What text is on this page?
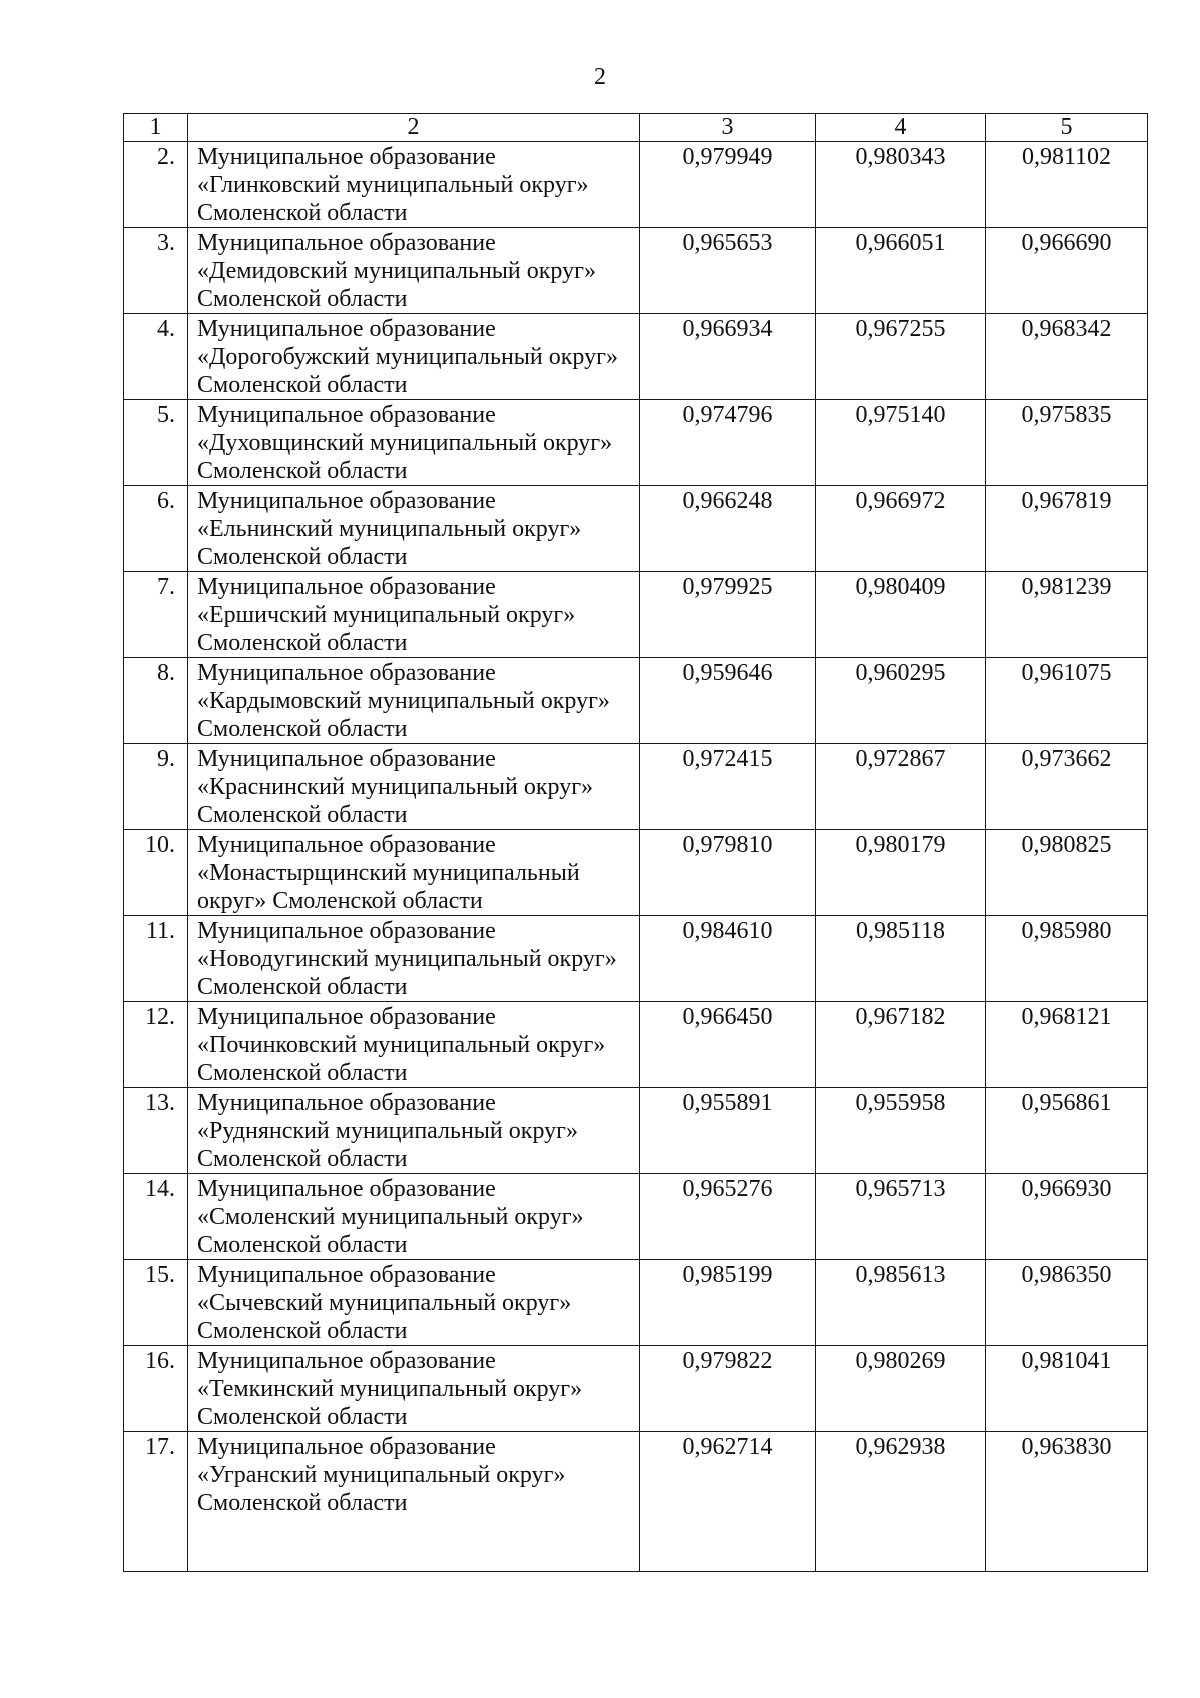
2
1	2	3	4	5
2.	Муниципальное образование
«Глинковский муниципальный округ»
Смоленской области	0,979949	0,980343	0,981102
3.	Муниципальное образование
«Демидовский муниципальный округ»
Смоленской области	0,965653	0,966051	0,966690
4.	Муниципальное образование
«Дорогобужский муниципальный округ»
Смоленской области	0,966934	0,967255	0,968342
5.	Муниципальное образование
«Духовщинский муниципальный округ»
Смоленской области	0,974796	0,975140	0,975835
6.	Муниципальное образование
«Ельнинский муниципальный округ»
Смоленской области	0,966248	0,966972	0,967819
7.	Муниципальное образование
«Ершичский муниципальный округ»
Смоленской области	0,979925	0,980409	0,981239
8.	Муниципальное образование
«Кардымовский муниципальный округ»
Смоленской области	0,959646	0,960295	0,961075
9.	Муниципальное образование
«Краснинский муниципальный округ»
Смоленской области	0,972415	0,972867	0,973662
10.	Муниципальное образование
«Монастырщинский муниципальный
округ» Смоленской области	0,979810	0,980179	0,980825
11.	Муниципальное образование
«Новодугинский муниципальный округ»
Смоленской области	0,984610	0,985118	0,985980
12.	Муниципальное образование
«Починковский муниципальный округ»
Смоленской области	0,966450	0,967182	0,968121
13.	Муниципальное образование
«Руднянский муниципальный округ»
Смоленской области	0,955891	0,955958	0,956861
14.	Муниципальное образование
«Смоленский муниципальный округ»
Смоленской области	0,965276	0,965713	0,966930
15.	Муниципальное образование
«Сычевский муниципальный округ»
Смоленской области	0,985199	0,985613	0,986350
16.	Муниципальное образование
«Темкинский муниципальный округ»
Смоленской области	0,979822	0,980269	0,981041
17.	Муниципальное образование
«Угранский муниципальный округ»
Смоленской области	0,962714	0,962938	0,963830
